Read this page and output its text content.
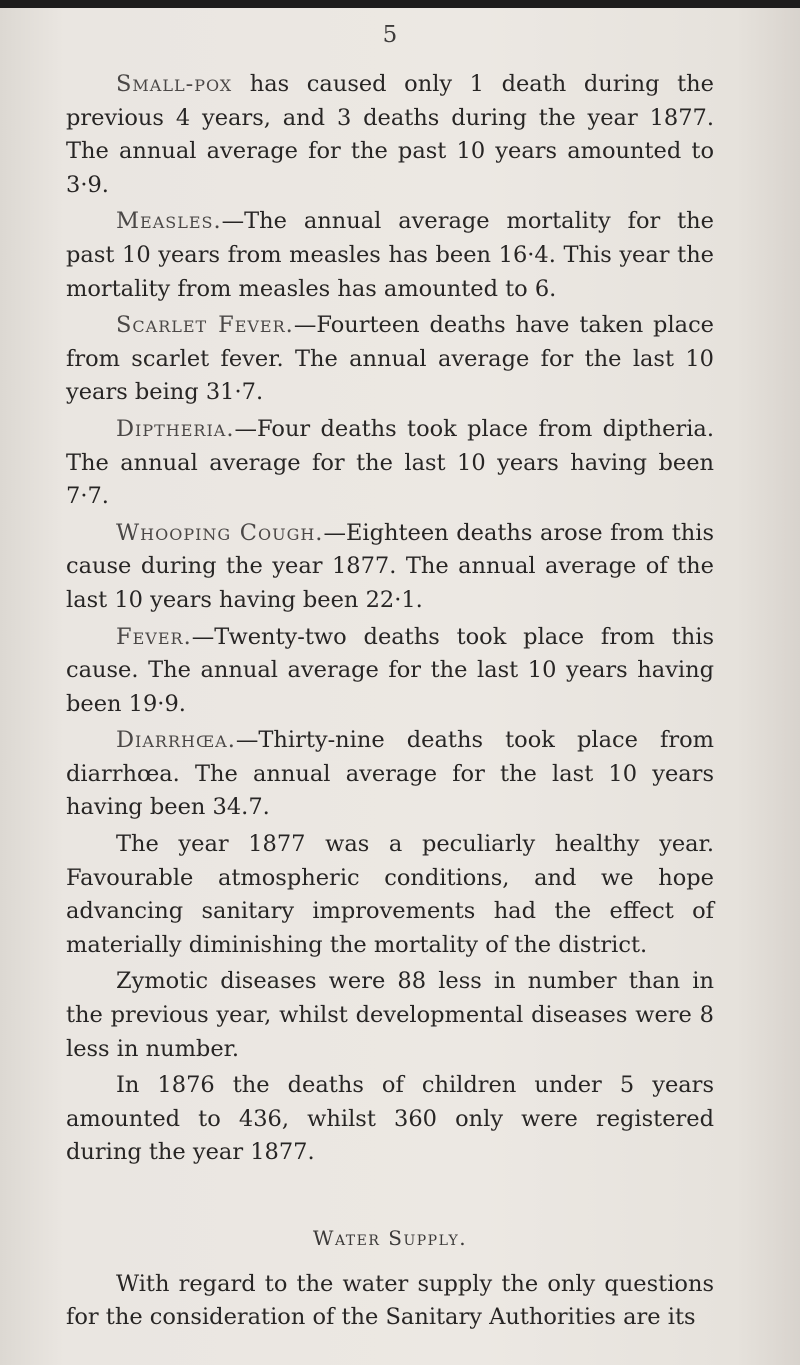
5

Small-pox has caused only 1 death during the previous 4 years, and 3 deaths during the year 1877. The annual average for the past 10 years amounted to 3·9.

Measles.—The annual average mortality for the past 10 years from measles has been 16·4. This year the mortality from measles has amounted to 6.

Scarlet Fever.—Fourteen deaths have taken place from scarlet fever. The annual average for the last 10 years being 31·7.

Diptheria.—Four deaths took place from diptheria. The annual average for the last 10 years having been 7·7.

Whooping Cough.—Eighteen deaths arose from this cause during the year 1877. The annual average of the last 10 years having been 22·1.

Fever.—Twenty-two deaths took place from this cause. The annual average for the last 10 years having been 19·9.

Diarrhœa.—Thirty-nine deaths took place from diarrhœa. The annual average for the last 10 years having been 34.7.

The year 1877 was a peculiarly healthy year. Favourable atmospheric conditions, and we hope advancing sanitary improvements had the effect of materially diminishing the mortality of the district.

Zymotic diseases were 88 less in number than in the previous year, whilst developmental diseases were 8 less in number.

In 1876 the deaths of children under 5 years amounted to 436, whilst 360 only were registered during the year 1877.

Water Supply.

With regard to the water supply the only questions for the consideration of the Sanitary Authorities are its
